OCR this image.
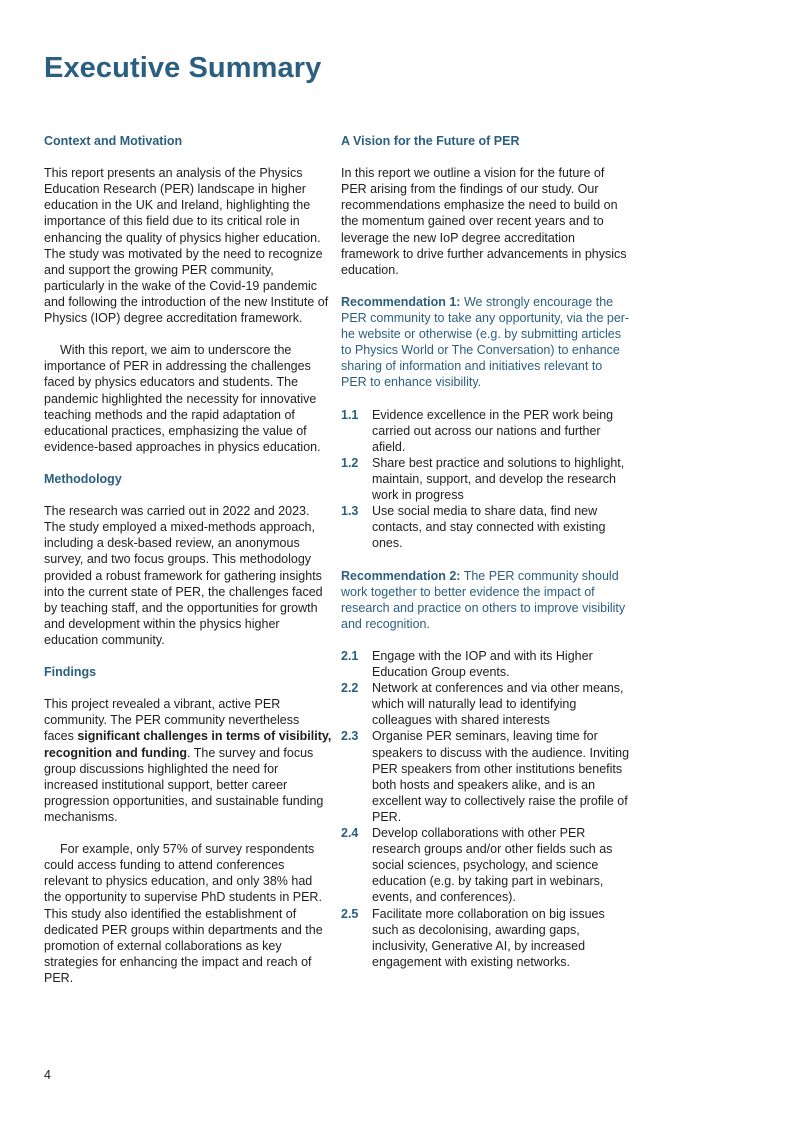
Executive Summary

Context and Motivation

This report presents an analysis of the Physics Education Research (PER) landscape in higher education in the UK and Ireland, highlighting the importance of this field due to its critical role in enhancing the quality of physics higher education. The study was motivated by the need to recognize and support the growing PER community, particularly in the wake of the Covid-19 pandemic and following the introduction of the new Institute of Physics (IOP) degree accreditation framework.

With this report, we aim to underscore the importance of PER in addressing the challenges faced by physics educators and students. The pandemic highlighted the necessity for innovative teaching methods and the rapid adaptation of educational practices, emphasizing the value of evidence-based approaches in physics education.

Methodology

The research was carried out in 2022 and 2023. The study employed a mixed-methods approach, including a desk-based review, an anonymous survey, and two focus groups. This methodology provided a robust framework for gathering insights into the current state of PER, the challenges faced by teaching staff, and the opportunities for growth and development within the physics higher education community.

Findings

This project revealed a vibrant, active PER community. The PER community nevertheless faces significant challenges in terms of visibility, recognition and funding. The survey and focus group discussions highlighted the need for increased institutional support, better career progression opportunities, and sustainable funding mechanisms.

For example, only 57% of survey respondents could access funding to attend conferences relevant to physics education, and only 38% had the opportunity to supervise PhD students in PER. This study also identified the establishment of dedicated PER groups within departments and the promotion of external collaborations as key strategies for enhancing the impact and reach of PER.

A Vision for the Future of PER

In this report we outline a vision for the future of PER arising from the findings of our study. Our recommendations emphasize the need to build on the momentum gained over recent years and to leverage the new IoP degree accreditation framework to drive further advancements in physics education.

Recommendation 1: We strongly encourage the PER community to take any opportunity, via the per-he website or otherwise (e.g. by submitting articles to Physics World or The Conversation) to enhance sharing of information and initiatives relevant to PER to enhance visibility.

1.1	Evidence excellence in the PER work being carried out across our nations and further afield.
1.2	Share best practice and solutions to highlight, maintain, support, and develop the research work in progress
1.3	Use social media to share data, find new contacts, and stay connected with existing ones.

Recommendation 2: The PER community should work together to better evidence the impact of research and practice on others to improve visibility and recognition.

2.1	Engage with the IOP and with its Higher Education Group events.
2.2	Network at conferences and via other means, which will naturally lead to identifying colleagues with shared interests
2.3	Organise PER seminars, leaving time for speakers to discuss with the audience. Inviting PER speakers from other institutions benefits both hosts and speakers alike, and is an excellent way to collectively raise the profile of PER.
2.4	Develop collaborations with other PER research groups and/or other fields such as social sciences, psychology, and science education (e.g. by taking part in webinars, events, and conferences).
2.5	Facilitate more collaboration on big issues such as decolonising, awarding gaps, inclusivity, Generative AI, by increased engagement with existing networks.
4
